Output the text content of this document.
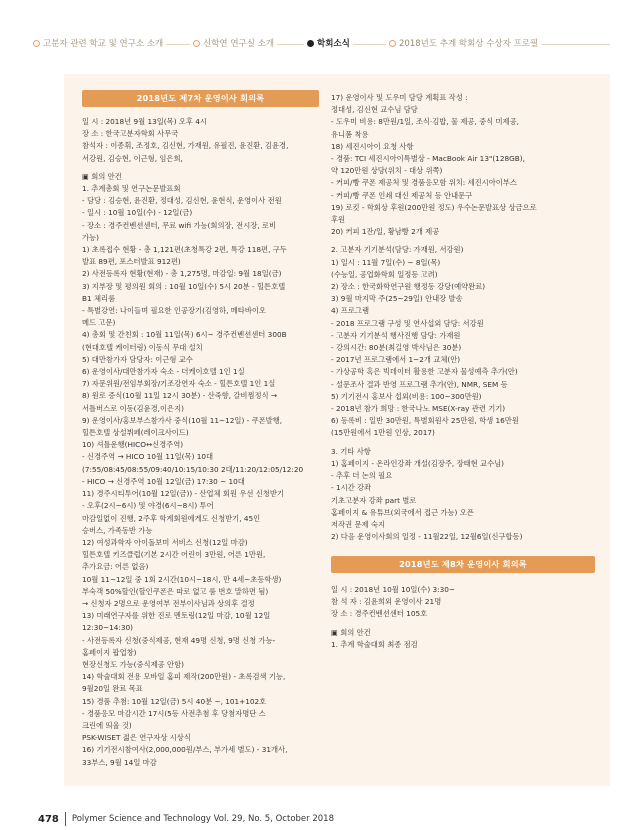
고분자 관련 학교 및 연구소 소개	신학연 연구실 소개	학회소식	2018년도 추계 학회상 수상자 프로필
2018년도 제7차 운영이사 회의록
일 시 : 2018년 9월 13일(목) 오후 4시
장 소 : 한국고분자학회 사무국
참석자 : 이종휘, 조정호, 김신현, 가재원, 유필진, 윤진환, 김윤경,
서강원, 김승현, 이근형, 임은희,
▣ 회의 안건
1. 추계총회 및 연구논문발표회
- 담당 : 김승현, 윤진환, 정대성, 김신현, 윤현식, 운영이사 전원
- 일시 : 10월 10일(수) - 12일(금)
- 장소 : 경주컨벤션센터, 무료 wifi 가능(회의장, 전시장, 로비
가능)
1) 초록접수 현황 - 총 1,121편(초청특강 2편, 특강 118편, 구두
발표 89편, 포스터발표 912편)
2) 사전등록자 현황(현재) - 총 1,275명, 마감일: 9월 18일(금)
3) 지부장 및 평의원 회의 : 10월 10일(수) 5시 20분 - 힐튼호텔
B1 체리룸
- 특별강연: 나이들며 필요한 인공장기(김영하, 메타바이오
메드 고문)
4) 총회 및 간친회 : 10월 11일(목) 6시~ 경주컨벤션센터 300B
(현대호텔 케이터링) 이동식 무대 설치
5) 대만참가자 담당자: 이근형 교수
6) 운영이사/대만참가자 숙소 - 더케이호텔 1인 1실
7) 자문위원/전임부회장/기조강연자 숙소 - 힐튼호텔 1인 1실
8) 원로 증식(10월 11일 12시 30분) - 산죽향, 갈비찜정식 →
서틀버스로 이동(김윤경,이은지)
9) 운영이사/홍보부스참가사 중식(10월 11~12일) - 쿠폰발행,
힐튼호텔 상설뷔페(레이크사이드)
10) 셔틀운행(HICO↔신경주역)
- 신경주역 → HICO 10월 11일(목) 10대
(7:55/08:45/08:55/09:40/10:15/10:30 2대/11:20/12:05/12:20
- HICO → 신경주역 10월 12일(금) 17:30 ~ 10대
11) 경주시티투어(10월 12일(금)) - 산업체 회원 우선 신청받기
- 오후(2시~6시) 및 야경(6시~8시) 투어
마감일없이 진행, 2주후 학계회원에게도 신청받기, 45인
승버스, 가족동반 가능
12) 여성과학자 아이돌보미 서비스 신청(12일 마감)
힐튼호텔 키즈클럽(기본 2시간 어린이 3만원, 어른 1만원,
추가요금: 어른 없음)
10월 11~12일 중 1회 2시간(10시~18시, 만 4세~초등학생)
부숙객 50%할인(할인쿠폰은 따로 없고 룸 번호 말하면 됨)
→ 신청자 2명으로 운영여부 전부이사님과 상의후 결정
13) 미래연구자를 위한 진로 멘토링(12일 마감, 10월 12일
12:30~14:30)
- 사전등록자 신청(중식제공, 현재 49명 신청, 9명 신청 가능-
홈페이지 팝업창)
현장신청도 가능(중식제공 안함)
14) 학술대회 전용 모바일 홈피 제작(200만원) - 초록검색 기능,
9월20일 완료 목표
15) 경품 추첨: 10월 12일(금) 5시 40분 ~, 101+102호
- 경품응모 마감시간 17시(5등 사전추첨 후 당첨자명단 스
크린에 띄울 것)
PSK-WISET 젊은 연구자상 시상식
16) 기기전시참여사(2,000,000원/부스, 부가세 별도) - 31개사,
33부스, 9월 14일 마감
17) 운영이사 및 도우미 담당 계획표 작성 :
정대성, 김신현 교수님 담당
- 도우미 비용: 8만원/1일, 조식·김밥, 물 제공, 중식 미제공,
유니폼 착용
18) 세진시아이 요청 사항
- 경품: TCI 세진시아이특별상 - MacBook Air 13"(128GB),
약 120만원 상당(위치 - 대상 위쪽)
- 커피/빵 쿠폰 제공처 및 경품응모함 위치: 세진시아이부스
- 커피/빵 쿠폰 인쇄 대신 제공처 등 안내문구
19) 로킷 - 학회상 후원(200만원 정도) 우수논문발표상 상금으로
후원
20) 커피 1잔/일, 황남빵 2개 제공
2. 고분자 기기분석(담당: 가재원, 서강원)
1) 일시 : 11월 7일(수) ~ 8일(목)
(수능일, 공업화학회 일정등 고려)
2) 장소 : 한국화학연구원 행정동 강당(예약완료)
3) 9월 마지막 주(25~29일) 안내장 발송
4) 프로그램
- 2018 프로그램 구성 및 연사섭외 담당: 서강원
- 고분자 기기분석 행사진행 담당: 가재원
- 강의시간: 80분(최길영 박사님은 30분)
- 2017년 프로그램에서 1~2개 교체(안)
- 가상공학 혹은 빅데이터 활용한 고분자 물성예측 추가(안)
- 설문조사 결과 반영 프로그램 추가(안), NMR, SEM 등
5) 기기전시 홍보사 섭외(비용: 100~300만원)
- 2018년 참가 희망 : 한국나노 MSE(X-ray 관련 기기)
6) 등록비 : 일반 30만원, 특별회원사 25만원, 학생 16만원
(15만원에서 1만원 인상, 2017)
3. 기타 사항
1) 홈페이지 - 온라인강좌 개설(김장주, 장태현 교수님)
- 추후 더 논의 필요
- 1시간 강좌
기초고분자 강좌 part 별로
홈페이지 & 유튜브(외국에서 접근 가능) 오픈
저작권 문제 숙지
2) 다음 운영이사회의 일정 - 11월22일, 12월6일(신구합동)
2018년도 제8차 운영이사 회의록
일 시 : 2018년 10월 10일(수) 3:30~
참 석 자 : 김윤희외 운영이사 21명
장 소 : 경주컨벤션센터 105호
▣ 회의 안건
1. 추계 학술대회 최종 점검
478 Polymer Science and Technology Vol. 29, No. 5, October 2018
